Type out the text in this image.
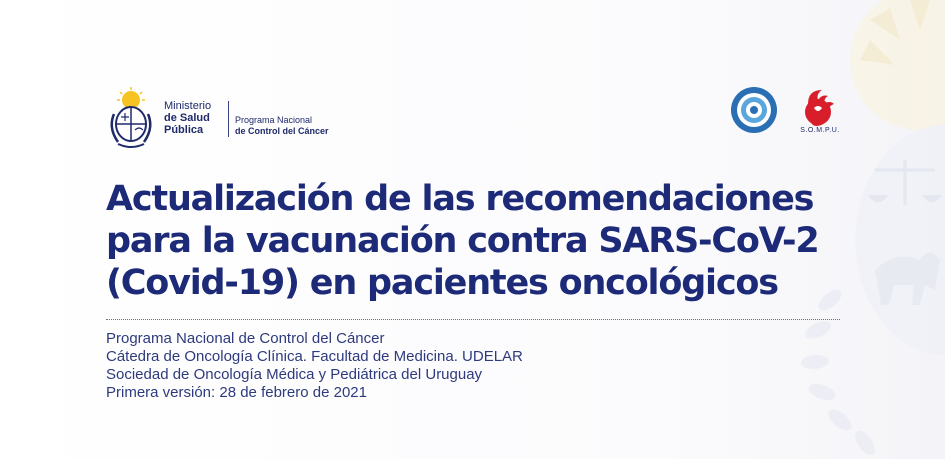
Ministerio
de Salud
Pública
Programa Nacional
de Control del Cáncer	S.O.M.P.U.
Actualización de las recomendaciones
para la vacunación contra SARS-CoV-2
(Covid-19) en pacientes oncológicos
Programa Nacional de Control del Cáncer
Cátedra de Oncología Clínica. Facultad de Medicina. UDELAR
Sociedad de Oncología Médica y Pediátrica del Uruguay
Primera versión: 28 de febrero de 2021
